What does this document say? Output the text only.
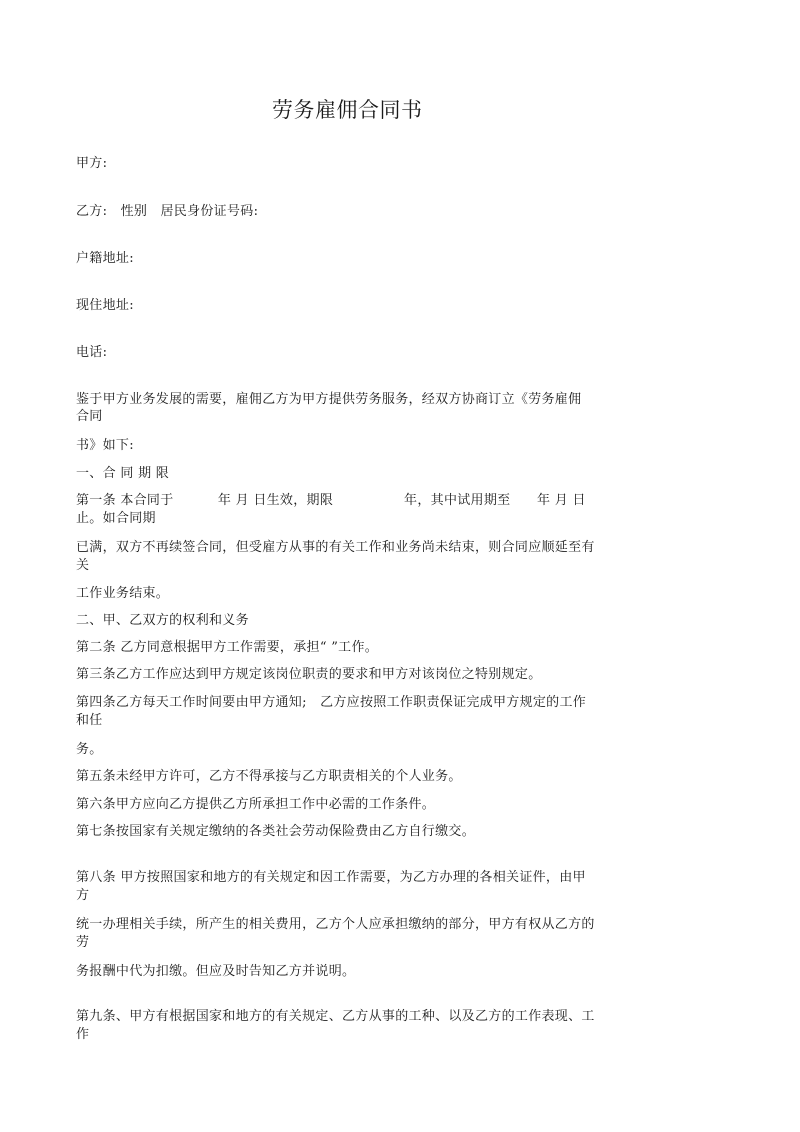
劳务雇佣合同书
甲方:
乙方:　性别　居民身份证号码:
户籍地址:
现住地址:
电话:
鉴于甲方业务发展的需要，雇佣乙方为甲方提供劳务服务，经双方协商订立《劳务雇佣
合同
书》如下:
一、合 同 期 限
第一条 本合同于　　　 年 月 日生效，期限　　　　　 年，其中试用期至　　年 月 日
止。如合同期
已满，双方不再续签合同，但受雇方从事的有关工作和业务尚未结束，则合同应顺延至有
关
工作业务结束。
二、甲、乙双方的权利和义务
第二条 乙方同意根据甲方工作需要，承担“ ”工作。
第三条乙方工作应达到甲方规定该岗位职责的要求和甲方对该岗位之特别规定。
第四条乙方每天工作时间要由甲方通知;　乙方应按照工作职责保证完成甲方规定的工作
和任
务。
第五条未经甲方许可，乙方不得承接与乙方职责相关的个人业务。
第六条甲方应向乙方提供乙方所承担工作中必需的工作条件。
第七条按国家有关规定缴纳的各类社会劳动保险费由乙方自行缴交。
第八条 甲方按照国家和地方的有关规定和因工作需要，为乙方办理的各相关证件，由甲
方
统一办理相关手续，所产生的相关费用，乙方个人应承担缴纳的部分，甲方有权从乙方的
劳
务报酬中代为扣缴。但应及时告知乙方并说明。
第九条、甲方有根据国家和地方的有关规定、乙方从事的工种、以及乙方的工作表现、工
作
